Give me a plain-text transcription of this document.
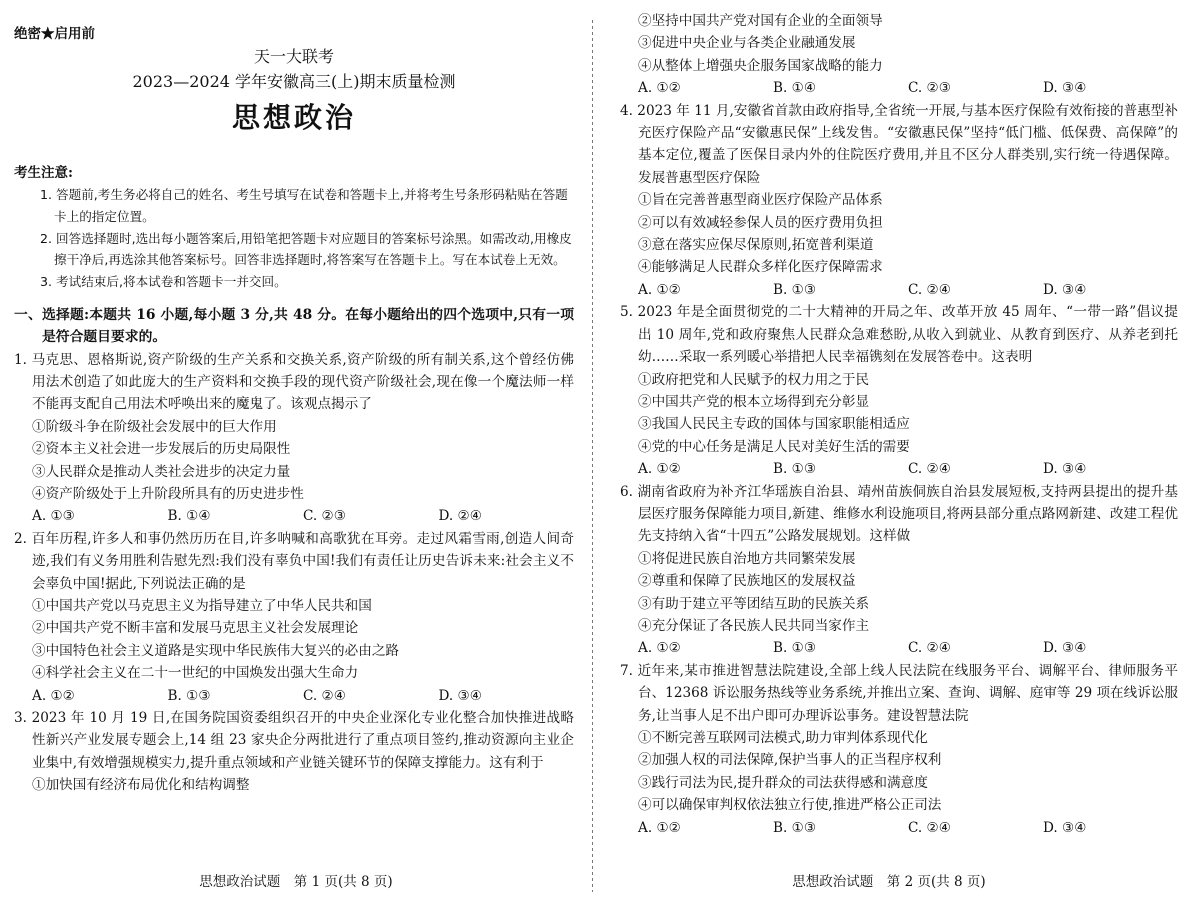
绝密★启用前
天一大联考
2023—2024 学年安徽高三(上)期末质量检测
思想政治
考生注意:
1. 答题前,考生务必将自己的姓名、考生号填写在试卷和答题卡上,并将考生号条形码粘贴在答题卡上的指定位置。
2. 回答选择题时,选出每小题答案后,用铅笔把答题卡对应题目的答案标号涂黑。如需改动,用橡皮擦干净后,再选涂其他答案标号。回答非选择题时,将答案写在答题卡上。写在本试卷上无效。
3. 考试结束后,将本试卷和答题卡一并交回。
一、选择题:本题共 16 小题,每小题 3 分,共 48 分。在每小题给出的四个选项中,只有一项是符合题目要求的。
1. 马克思、恩格斯说,资产阶级的生产关系和交换关系,资产阶级的所有制关系,这个曾经仿佛用法术创造了如此庞大的生产资料和交换手段的现代资产阶级社会,现在像一个魔法师一样不能再支配自己用法术呼唤出来的魔鬼了。该观点揭示了
①阶级斗争在阶级社会发展中的巨大作用
②资本主义社会进一步发展后的历史局限性
③人民群众是推动人类社会进步的决定力量
④资产阶级处于上升阶段所具有的历史进步性
A. ①③	B. ①④	C. ②③	D. ②④
2. 百年历程,许多人和事仍然历历在目,许多呐喊和高歌犹在耳旁。走过风霜雪雨,创造人间奇迹,我们有义务用胜利告慰先烈:我们没有辜负中国!我们有责任让历史告诉未来:社会主义不会辜负中国!据此,下列说法正确的是
①中国共产党以马克思主义为指导建立了中华人民共和国
②中国共产党不断丰富和发展马克思主义社会发展理论
③中国特色社会主义道路是实现中华民族伟大复兴的必由之路
④科学社会主义在二十一世纪的中国焕发出强大生命力
A. ①②	B. ①③	C. ②④	D. ③④
3. 2023 年 10 月 19 日,在国务院国资委组织召开的中央企业深化专业化整合加快推进战略性新兴产业发展专题会上,14 组 23 家央企分两批进行了重点项目签约,推动资源向主业企业集中,有效增强规模实力,提升重点领域和产业链关键环节的保障支撑能力。这有利于
①加快国有经济布局优化和结构调整
思想政治试题　第 1 页(共 8 页)
②坚持中国共产党对国有企业的全面领导
③促进中央企业与各类企业融通发展
④从整体上增强央企服务国家战略的能力
A. ①②	B. ①④	C. ②③	D. ③④
4. 2023 年 11 月,安徽省首款由政府指导,全省统一开展,与基本医疗保险有效衔接的普惠型补充医疗保险产品“安徽惠民保”上线发售。“安徽惠民保”坚持“低门槛、低保费、高保障”的基本定位,覆盖了医保目录内外的住院医疗费用,并且不区分人群类别,实行统一待遇保障。发展普惠型医疗保险
①旨在完善普惠型商业医疗保险产品体系
②可以有效减轻参保人员的医疗费用负担
③意在落实应保尽保原则,拓宽普利渠道
④能够满足人民群众多样化医疗保障需求
A. ①②	B. ①③	C. ②④	D. ③④
5. 2023 年是全面贯彻党的二十大精神的开局之年、改革开放 45 周年、“一带一路”倡议提出 10 周年,党和政府聚焦人民群众急难愁盼,从收入到就业、从教育到医疗、从养老到托幼……采取一系列暖心举措把人民幸福镌刻在发展答卷中。这表明
①政府把党和人民赋予的权力用之于民
②中国共产党的根本立场得到充分彰显
③我国人民民主专政的国体与国家职能相适应
④党的中心任务是满足人民对美好生活的需要
A. ①②	B. ①③	C. ②④	D. ③④
6. 湖南省政府为补齐江华瑶族自治县、靖州苗族侗族自治县发展短板,支持两县提出的提升基层医疗服务保障能力项目,新建、维修水利设施项目,将两县部分重点路网新建、改建工程优先支持纳入省“十四五”公路发展规划。这样做
①将促进民族自治地方共同繁荣发展
②尊重和保障了民族地区的发展权益
③有助于建立平等团结互助的民族关系
④充分保证了各民族人民共同当家作主
A. ①②	B. ①③	C. ②④	D. ③④
7. 近年来,某市推进智慧法院建设,全部上线人民法院在线服务平台、调解平台、律师服务平台、12368 诉讼服务热线等业务系统,并推出立案、查询、调解、庭审等 29 项在线诉讼服务,让当事人足不出户即可办理诉讼事务。建设智慧法院
①不断完善互联网司法模式,助力审判体系现代化
②加强人权的司法保障,保护当事人的正当程序权利
③践行司法为民,提升群众的司法获得感和满意度
④可以确保审判权依法独立行使,推进严格公正司法
A. ①②	B. ①③	C. ②④	D. ③④
思想政治试题　第 2 页(共 8 页)
